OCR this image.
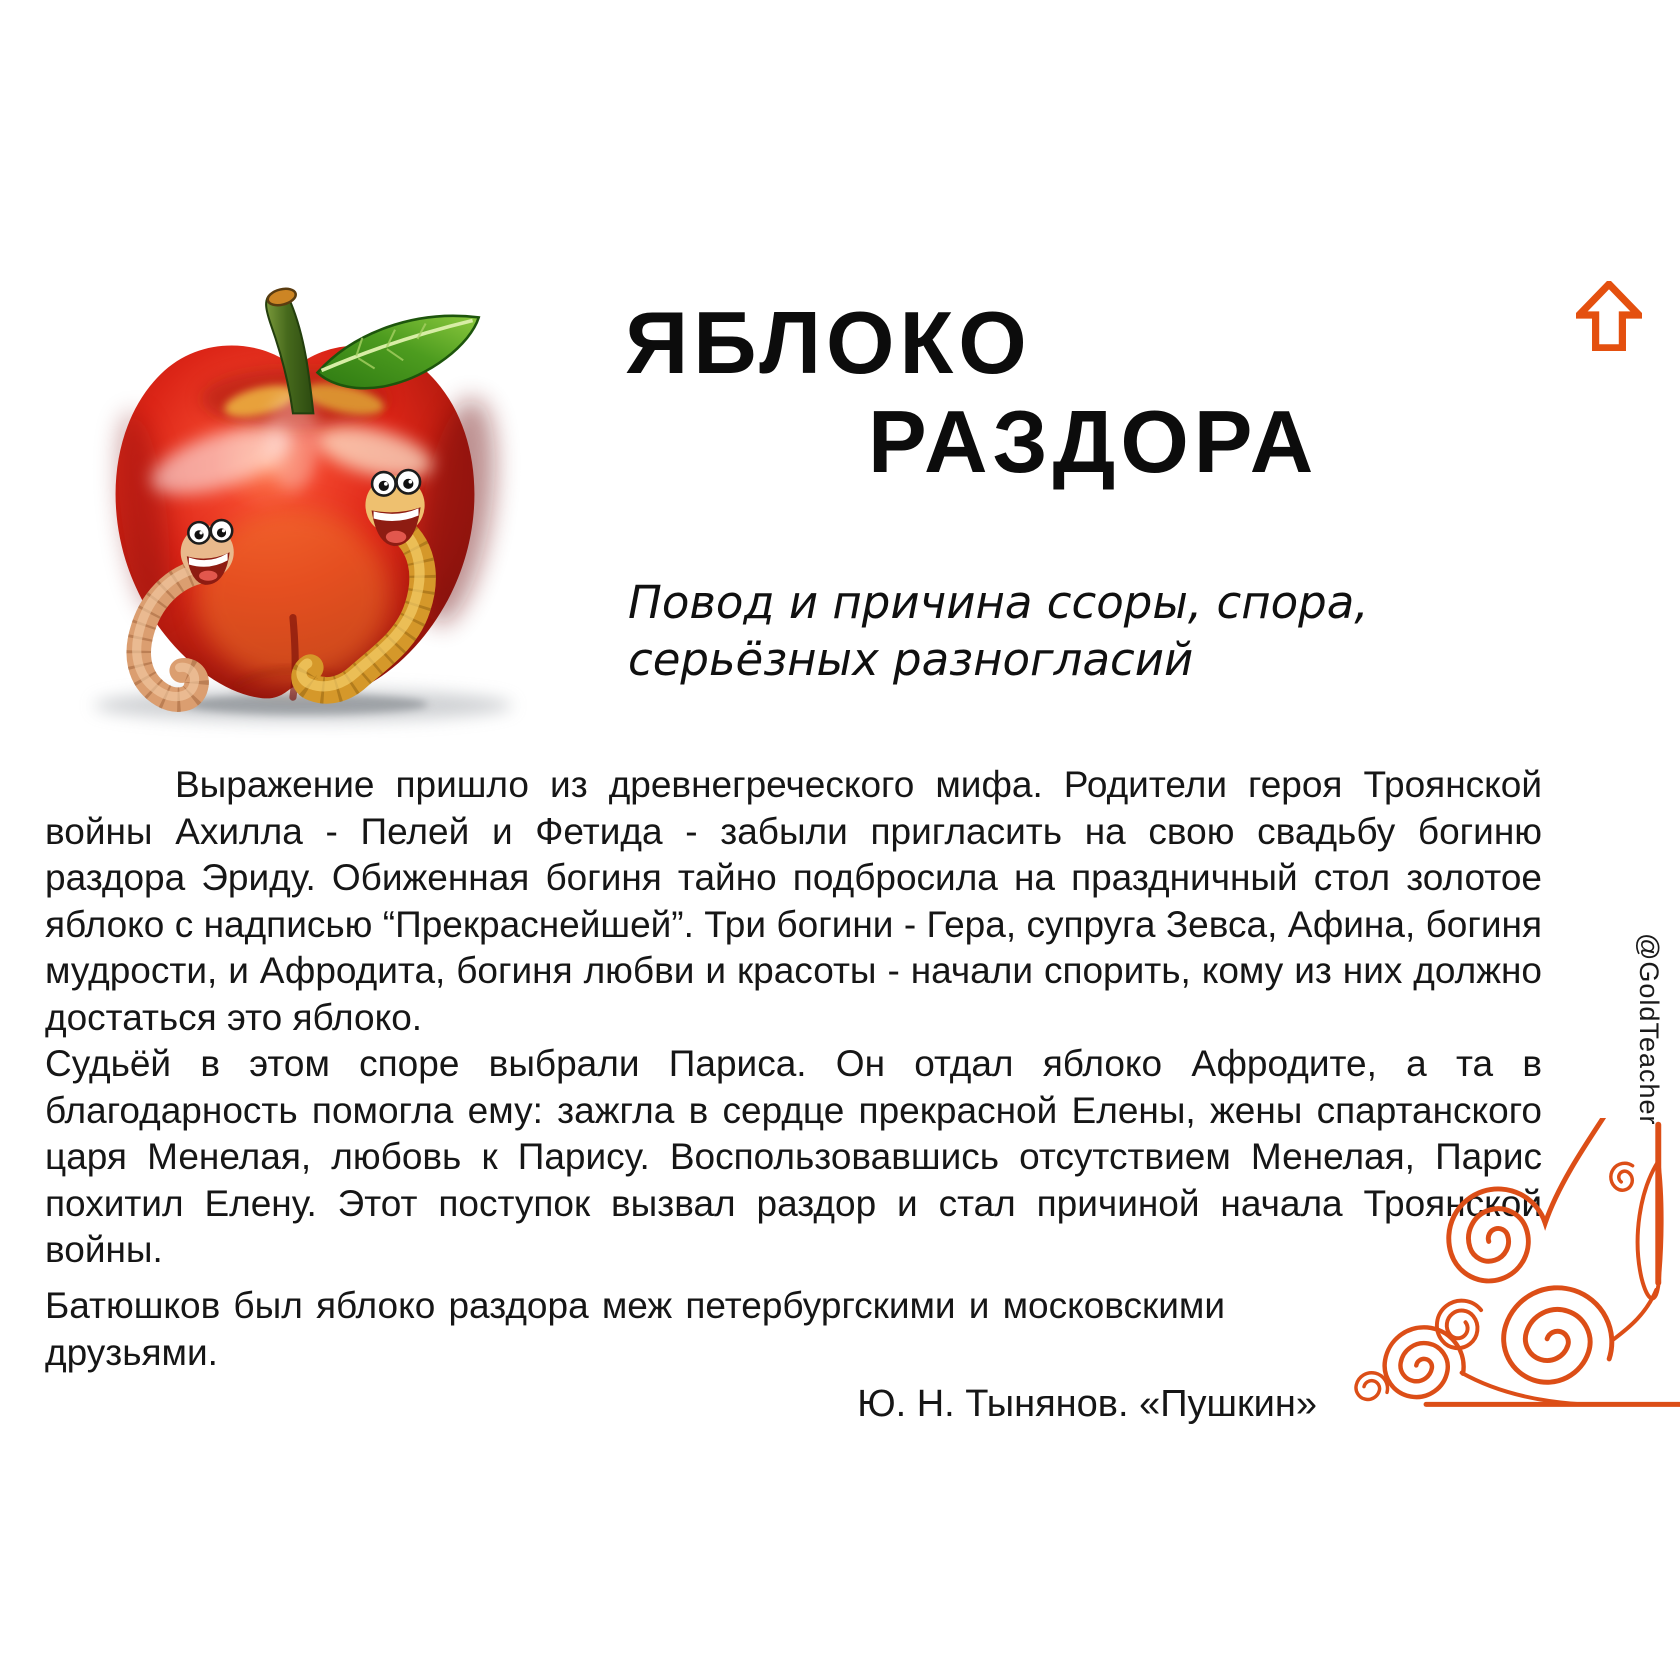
ЯБЛОКО
РАЗДОРА
Повод и причина ссоры, спора,
серьёзных разногласий

Выражение пришло из древнегреческого мифа. Родители героя Троянской войны Ахилла - Пелей и Фетида - забыли пригласить на свою свадьбу богиню раздора Эриду. Обиженная богиня тайно подбросила на праздничный стол золотое яблоко с надписью “Прекраснейшей”. Три богини - Гера, супруга Зевса, Афина, богиня мудрости, и Афродита, богиня любви и красоты - начали спорить, кому из них должно достаться это яблоко.

Судьёй в этом споре выбрали Париса. Он отдал яблоко Афродите, а та в благодарность помогла ему: зажгла в сердце прекрасной Елены, жены спартанского царя Менелая, любовь к Парису. Воспользовавшись отсутствием Менелая, Парис похитил Елену. Этот поступок вызвал раздор и стал причиной начала Троянской войны.

Батюшков был яблоко раздора меж петербургскими и московскими друзьями.

Ю. Н. Тынянов. «Пушкин»

@GoldTeacher
